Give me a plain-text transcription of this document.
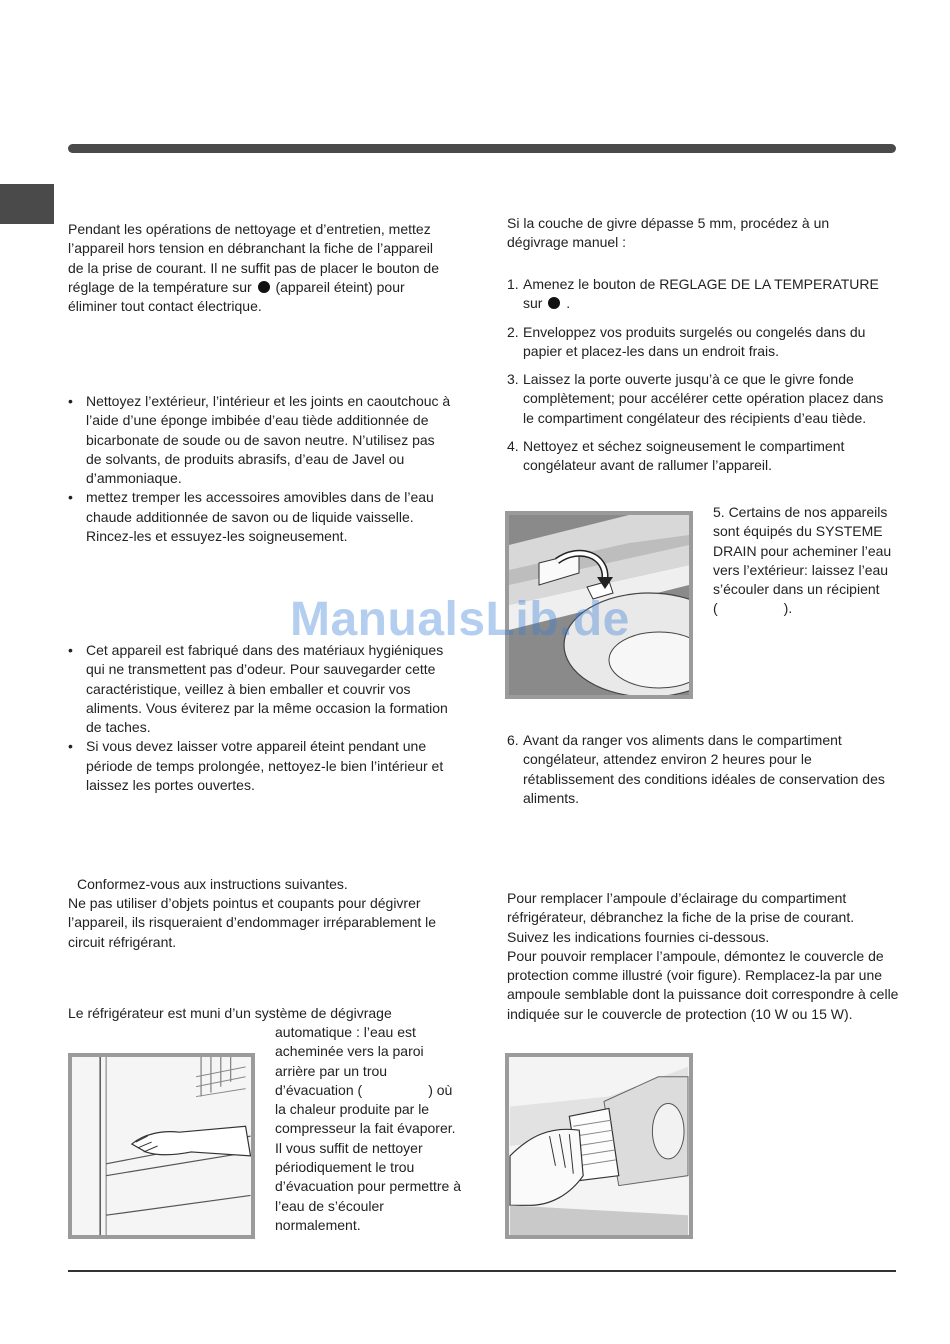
Pendant les opérations de nettoyage et d’entretien, mettez l’appareil hors tension en débranchant la fiche de l’appareil de la prise de courant. Il ne suffit pas de placer le bouton de réglage de la température sur (appareil éteint) pour éliminer tout contact électrique.

• Nettoyez l’extérieur, l’intérieur et les joints en caoutchouc à l’aide d’une éponge imbibée d’eau tiède additionnée de bicarbonate de soude ou de savon neutre. N’utilisez pas de solvants, de produits abrasifs, d’eau de Javel ou d’ammoniaque.
• mettez tremper les accessoires amovibles dans de l’eau chaude additionnée de savon ou de liquide vaisselle. Rincez-les et essuyez-les soigneusement.
• Cet appareil est fabriqué dans des matériaux hygiéniques qui ne transmettent pas d’odeur. Pour sauvegarder cette caractéristique, veillez à bien emballer et couvrir vos aliments. Vous éviterez par la même occasion la formation de taches.
• Si vous devez laisser votre appareil éteint pendant une période de temps prolongée, nettoyez-le bien l’intérieur et laissez les portes ouvertes.

Conformez-vous aux instructions suivantes.

Ne pas utiliser d’objets pointus et coupants pour dégivrer l’appareil, ils risqueraient d’endommager irréparablement le circuit réfrigérant.

Le réfrigérateur est muni d’un système de dégivrage

automatique : l’eau est acheminée vers la paroi arrière par un trou d’évacuation (	) où la chaleur produite par le compresseur la fait évaporer. Il vous suffit de nettoyer périodiquement le trou d’évacuation pour permettre à l’eau de s’écouler normalement.

Si la couche de givre dépasse 5 mm, procédez à un dégivrage manuel :

1. Amenez le bouton de REGLAGE DE LA TEMPERATURE sur .
2. Enveloppez vos produits surgelés ou congelés dans du papier et placez-les dans un endroit frais.
3. Laissez la porte ouverte jusqu’à ce que le givre fonde complètement; pour accélérer cette opération placez dans le compartiment congélateur des récipients d’eau tiède.
4. Nettoyez et séchez soigneusement le compartiment congélateur avant de rallumer l’appareil.

5. Certains de nos appareils sont équipés du SYSTEME DRAIN pour acheminer l’eau vers l’extérieur: laissez l’eau s’écouler dans un récipient
(	).

6. Avant da ranger vos aliments dans le compartiment congélateur, attendez environ 2 heures pour le rétablissement des conditions idéales de conservation des aliments.

Pour remplacer l’ampoule d’éclairage du compartiment réfrigérateur, débranchez la fiche de la prise de courant. Suivez les indications fournies ci-dessous.
Pour pouvoir remplacer l’ampoule, démontez le couvercle de protection comme illustré (voir figure). Remplacez-la par une ampoule semblable dont la puissance doit correspondre à celle indiquée sur le couvercle de protection (10 W ou 15 W).

ManualsLib.de
